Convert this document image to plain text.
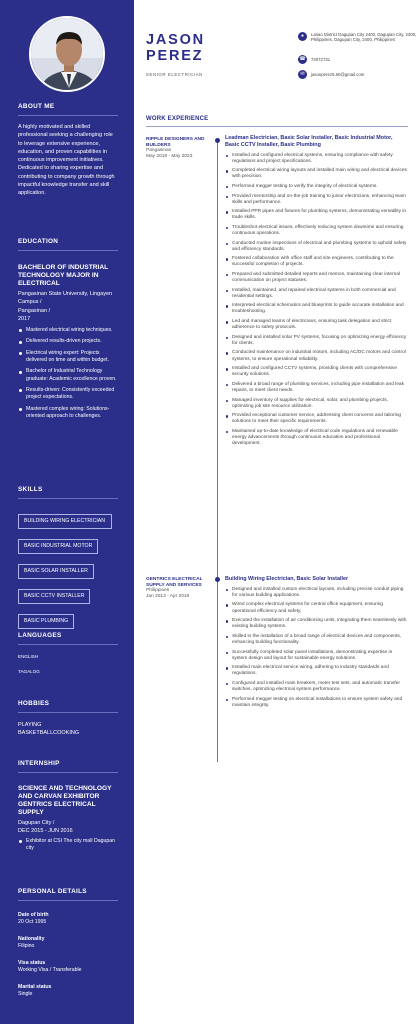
ABOUT ME
A highly motivated and skilled professional seeking a challenging role to leverage extensive experience, education, and proven capabilities in continuous improvement initiatives. Dedicated to sharing expertise and contributing to company growth through impactful knowledge transfer and skill application.
EDUCATION
BACHELOR OF INDUSTRIAL TECHNOLOGY MAJOR IN ELECTRICAL
Pangasinan State University, Lingayen Campus /
Pangasinan /
2017
Mastered electrical wiring techniques.
Delivered results-driven projects.
Electrical wiring expert: Projects delivered on time and within budget.
Bachelor of Industrial Technology graduate: Academic excellence proven.
Results-driven: Consistently exceeded project expectations.
Mastered complex wiring: Solutions-oriented approach to challenges.
SKILLS
BUILDING WIRING ELECTRICIAN BASIC INDUSTRIAL MOTOR BASIC SOLAR INSTALLER BASIC CCTV INSTALLER BASIC PLUMBING
LANGUAGES
ENGLISH
TAGALOG
HOBBIES
PLAYING
BASKETBALLCOOKING
INTERNSHIP
SCIENCE AND TECHNOLOGY AND CARVAN EXHIBITOR GENTRICS ELECTRICAL SUPPLY
Dagupan City /
DEC 2015 - JUN 2016
Exhibitor at CSI The city mall Dagupan city
PERSONAL DETAILS
Date of birth
20 Oct 1995
Nationality
Filipino
Visa status
Working Visa / Transferable
Marital status
Single
JASON
PEREZ
SENIOR ELECTRICIAN
●	Lasao District Dagupan City 2400, Dagupan City, 2400, Philippines, Dagupan City, 2400, Philippines
☎	74072731
✉	jasonperez5.60@gmail.com
WORK EXPERIENCE
RIPPLE DESIGNERS AND BUILDERS
Pangasinan
May 2018 - May 2023
Leadman Electrician, Basic Solar Installer, Basic Industrial Motor, Basic CCTV Installer, Basic Plumbing
Installed and configured electrical systems, ensuring compliance with safety regulations and project specifications.
Completed electrical wiring layouts and installed main wiring and electrical devices with precision.
Performed megger testing to verify the integrity of electrical systems.
Provided mentorship and on-the-job training to junior electricians, enhancing team skills and performance.
Installed PPR pipes and fixtures for plumbing systems, demonstrating versatility in trade skills.
Troubleshot electrical issues, effectively reducing system downtime and ensuring continuous operations.
Conducted routine inspections of electrical and plumbing systems to uphold safety and efficiency standards.
Fostered collaboration with office staff and site engineers, contributing to the successful completion of projects.
Prepared and submitted detailed reports and memos, maintaining clear internal communication on project statuses.
Installed, maintained, and repaired electrical systems in both commercial and residential settings.
Interpreted electrical schematics and blueprints to guide accurate installation and troubleshooting.
Led and managed teams of electricians, ensuring task delegation and strict adherence to safety protocols.
Designed and installed solar PV systems, focusing on optimizing energy efficiency for clients.
Conducted maintenance on industrial motors, including AC/DC motors and control systems, to ensure operational reliability.
Installed and configured CCTV systems, providing clients with comprehensive security solutions.
Delivered a broad range of plumbing services, including pipe installation and leak repairs, to meet client needs.
Managed inventory of supplies for electrical, solar, and plumbing projects, optimizing job site resource utilization.
Provided exceptional customer service, addressing client concerns and tailoring solutions to meet their specific requirements.
Maintained up-to-date knowledge of electrical code regulations and renewable energy advancements through continuous education and professional development.
GENTRICS ELECTRICAL SUPPLY AND SERVICES
Philippines
Jan 2013 - Apr 2018
Building Wiring Electrician, Basic Solar Installer
Designed and installed custom electrical layouts, including precise conduit piping for various building applications.
Wired complex electrical systems for central office equipment, ensuring operational efficiency and safety.
Executed the installation of air conditioning units, integrating them seamlessly with existing building systems.
Skilled in the installation of a broad range of electrical devices and components, enhancing building functionality.
Successfully completed solar panel installations, demonstrating expertise in system design and layout for sustainable energy solutions.
Installed main electrical service wiring, adhering to industry standards and regulations.
Configured and installed main breakers, meter test sets, and automatic transfer switches, optimizing electrical system performance.
Performed megger testing on electrical installations to ensure system safety and maintain integrity.
